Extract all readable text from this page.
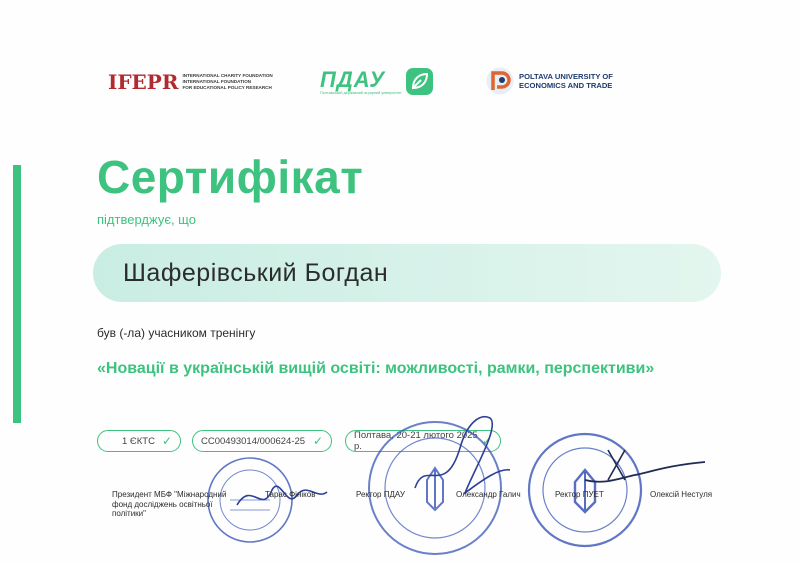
IFEPR INTERNATIONAL CHARITY FOUNDATION
INTERNATIONAL FOUNDATION
FOR EDUCATIONAL POLICY RESEARCH ПДАУ
Полтавський державний аграрний університет
POLTAVA UNIVERSITY OF
ECONOMICS AND TRADE
Сертифікат
підтверджує, що
Шаферівський Богдан
був (-ла) учасником тренінгу
«Новації в українській вищій освіті: можливості, рамки, перспективи»
1 ЄКТС ✓	СС00493014/000624-25 ✓	Полтава, 20-21 лютого 2025 р.	✓
Президент МБФ "Міжнародний фонд досліджень освітньої політики"
Тарас Фініков	Ректор ПДАУ	Олександр Галич	Ректор ПУЕТ	Олексій Нестуля
